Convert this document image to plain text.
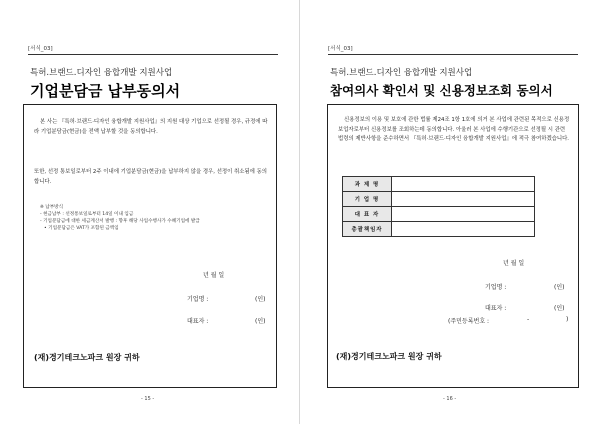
[서식_03]
특허.브랜드.디자인 융합개발 지원사업
기업분담금 납부동의서
본 사는 『특허·브랜드·디자인 융합개발 지원사업』의 지원 대상 기업으로 선정될 경우, 규정에 따라 기업분담금(현금)을 전액 납부할 것을 동의합니다.
또한, 선정 통보일로부터 2주 이내에 기업분담금(현금)을 납부하지 않을 경우, 선정이 취소됨에 동의합니다.
※ 납부방식
- 현금납부 : 선정통보일로부터 14일 이내 입금
- 기업분담금에 대한 세금계산서 발행 : 향후 해당 사업수행사가 수혜기업에 발급
• 기업분담금은 VAT가 포함된 금액임
년 월 일
기업명 :	(인)
대표자 :	(인)
(재)경기테크노파크 원장 귀하
- 15 -
[서식_03]
특허.브랜드.디자인 융합개발 지원사업
참여의사 확인서 및 신용정보조회 동의서
신용정보의 이용 및 보호에 관한 법률 제24조 1항 1호에 의거 본 사업에 관련된 목적으로 신용정보업자로부터 신용정보를 조회하는데 동의합니다. 아울러 본 사업에 수행기관으로 선정될 시 관련법령의 제반사항을 준수하면서 『특허·브랜드·디자인 융합개발 지원사업』에 적극 참여하겠습니다.
과 제 명	
기 업 명	
대 표 자	
총괄책임자	
년 월 일
기업명 :	(인)
대표자 :	(인)
(주민등록번호 :	-	)
(재)경기테크노파크 원장 귀하
- 16 -
